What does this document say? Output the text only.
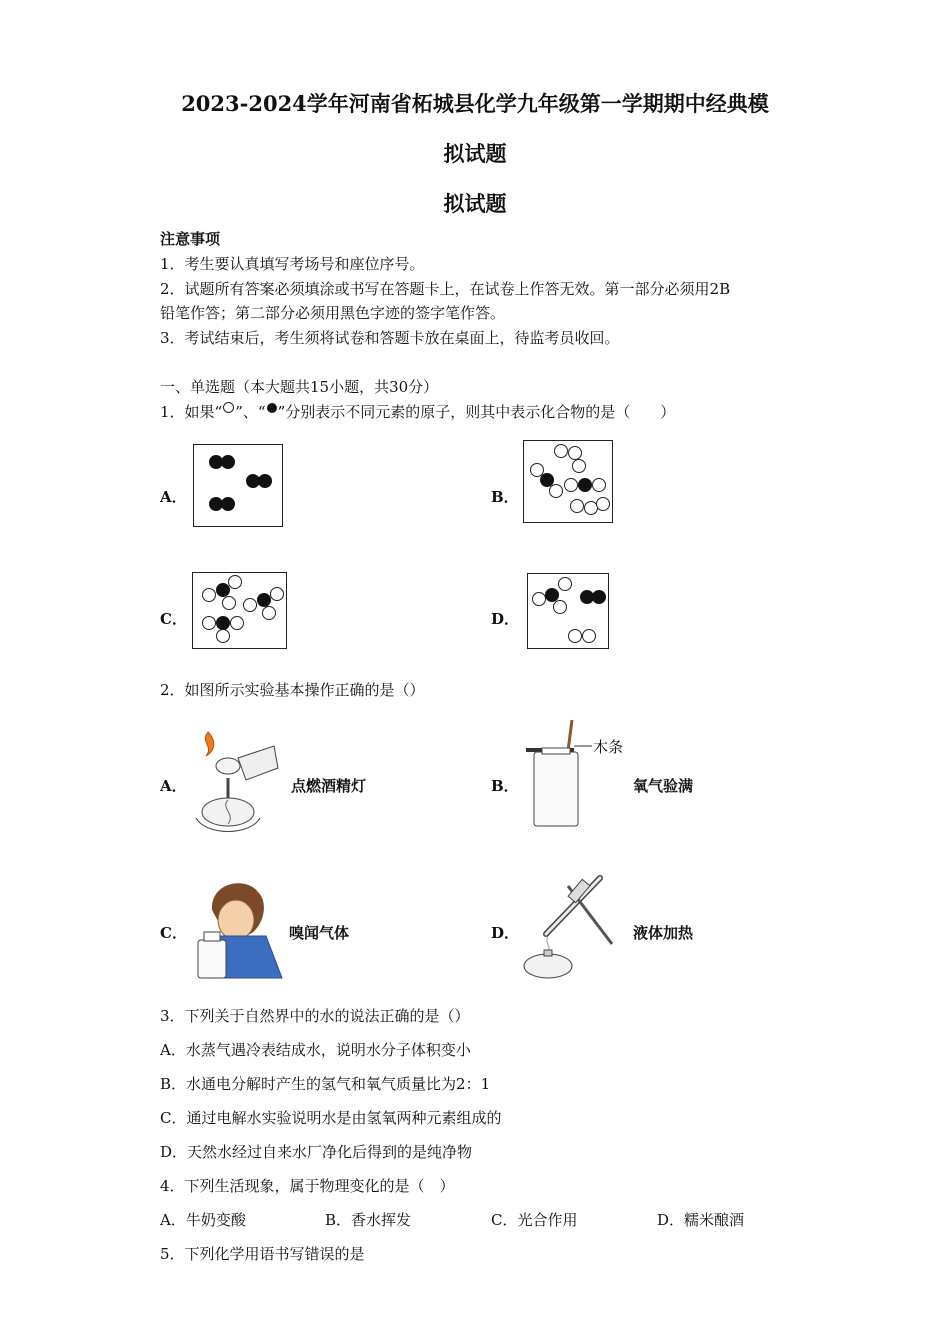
2023-2024学年河南省柘城县化学九年级第一学期期中经典模
拟试题
拟试题
注意事项
1．考生要认真填写考场号和座位序号。
2．试题所有答案必须填涂或书写在答题卡上，在试卷上作答无效。第一部分必须用2B
铅笔作答；第二部分必须用黑色字迹的签字笔作答。
3．考试结束后，考生须将试卷和答题卡放在桌面上，待监考员收回。
一、单选题（本大题共15小题，共30分）
1．如果“ ”、“ ”分别表示不同元素的原子，则其中表示化合物的是（　　）
A．	B．
C．	D．
2．如图所示实验基本操作正确的是（）
A．	点燃酒精灯	B．
木条
氧气验满
C．	嗅闻气体	D．	液体加热
3．下列关于自然界中的水的说法正确的是（）
A．水蒸气遇冷表结成水，说明水分子体积变小
B．水通电分解时产生的氢气和氧气质量比为2：1
C．通过电解水实验说明水是由氢氧两种元素组成的
D．天然水经过自来水厂净化后得到的是纯净物
4．下列生活现象，属于物理变化的是（　）
A．牛奶变酸	B．香水挥发	C．光合作用	D．糯米酿酒
5．下列化学用语书写错误的是
